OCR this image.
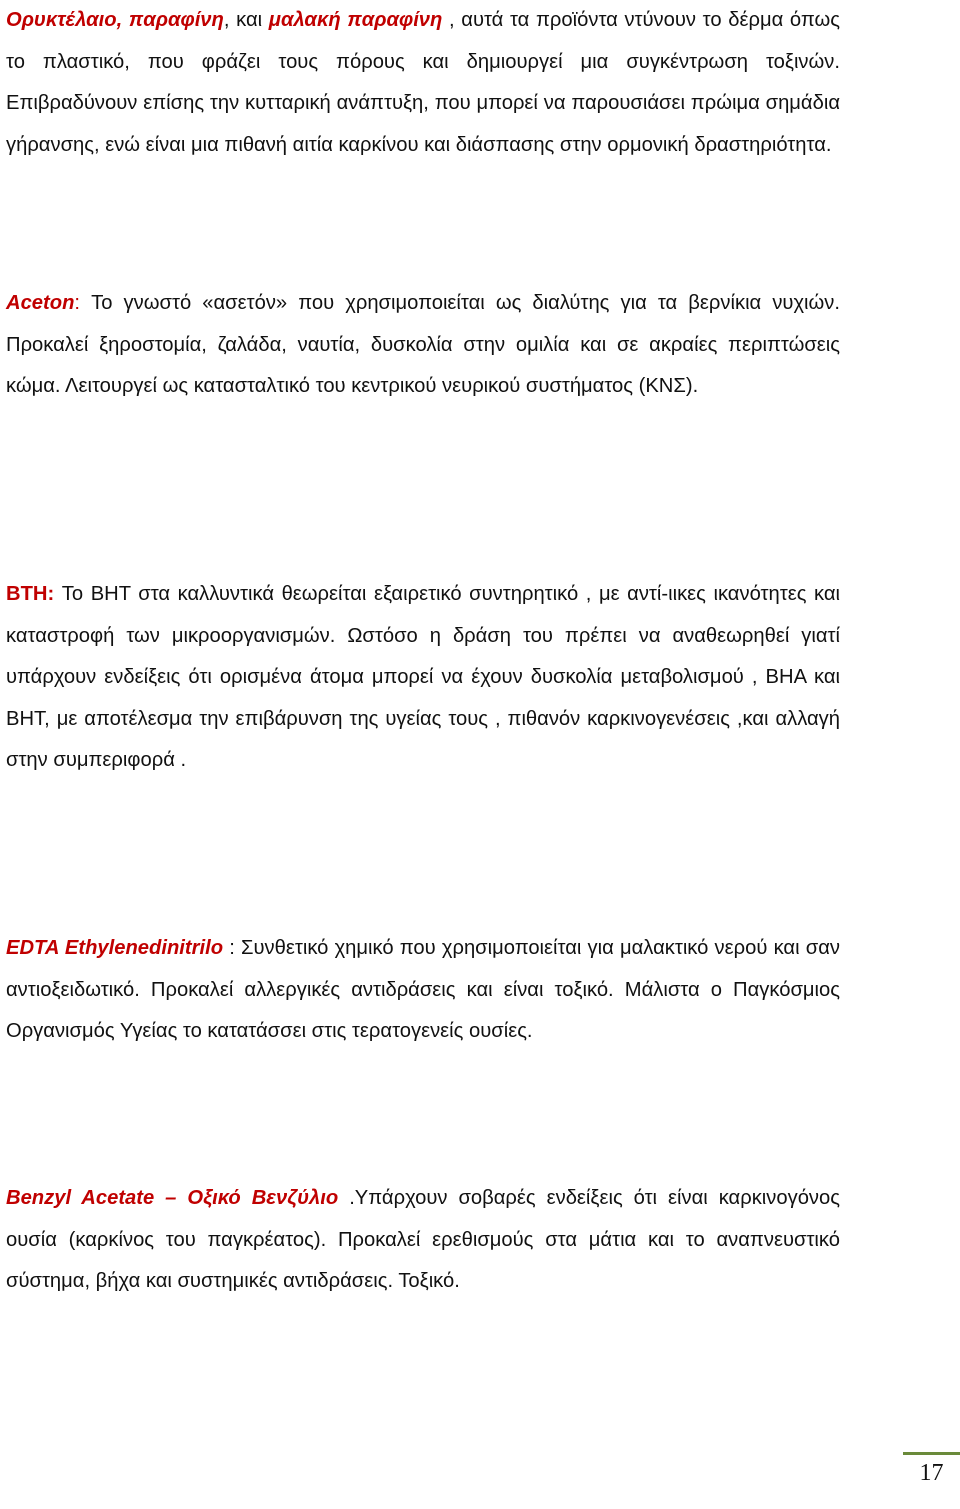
Ορυκτέλαιο, παραφίνη, και μαλακή παραφίνη , αυτά τα προϊόντα ντύνουν το δέρμα όπως το πλαστικό, που φράζει τους πόρους και δημιουργεί μια συγκέντρωση τοξινών. Επιβραδύνουν επίσης την κυτταρική ανάπτυξη, που μπορεί να παρουσιάσει πρώιμα σημάδια γήρανσης, ενώ είναι μια πιθανή αιτία καρκίνου και διάσπασης στην ορμονική δραστηριότητα.

Aceton: Το γνωστό «ασετόν» που χρησιμοποιείται ως διαλύτης για τα βερνίκια νυχιών. Προκαλεί ξηροστομία, ζαλάδα, ναυτία, δυσκολία στην ομιλία και σε ακραίες περιπτώσεις κώμα. Λειτουργεί ως κατασταλτικό του κεντρικού νευρικού συστήματος (ΚΝΣ).

BTH: Το BHT στα καλλυντικά θεωρείται εξαιρετικό συντηρητικό , με αντί-ιικες ικανότητες και καταστροφή των μικροοργανισμών. Ωστόσο η δράση του πρέπει να αναθεωρηθεί γιατί υπάρχουν ενδείξεις ότι ορισμένα άτομα μπορεί να έχουν δυσκολία μεταβολισμού , BHA και BHT, με αποτέλεσμα την επιβάρυνση της υγείας τους , πιθανόν καρκινογενέσεις ,και αλλαγή στην συμπεριφορά .

EDTA Ethylenedinitrilo : Συνθετικό χημικό που χρησιμοποιείται για μαλακτικό νερού και σαν αντιοξειδωτικό. Προκαλεί αλλεργικές αντιδράσεις και είναι τοξικό. Μάλιστα ο Παγκόσμιος Οργανισμός Υγείας το κατατάσσει στις τερατογενείς ουσίες.

Benzyl Acetate – Οξικό Βενζύλιο .Υπάρχουν σοβαρές ενδείξεις ότι είναι καρκινογόνος ουσία (καρκίνος του παγκρέατος). Προκαλεί ερεθισμούς στα μάτια και το αναπνευστικό σύστημα, βήχα και συστημικές αντιδράσεις. Τοξικό.

17
